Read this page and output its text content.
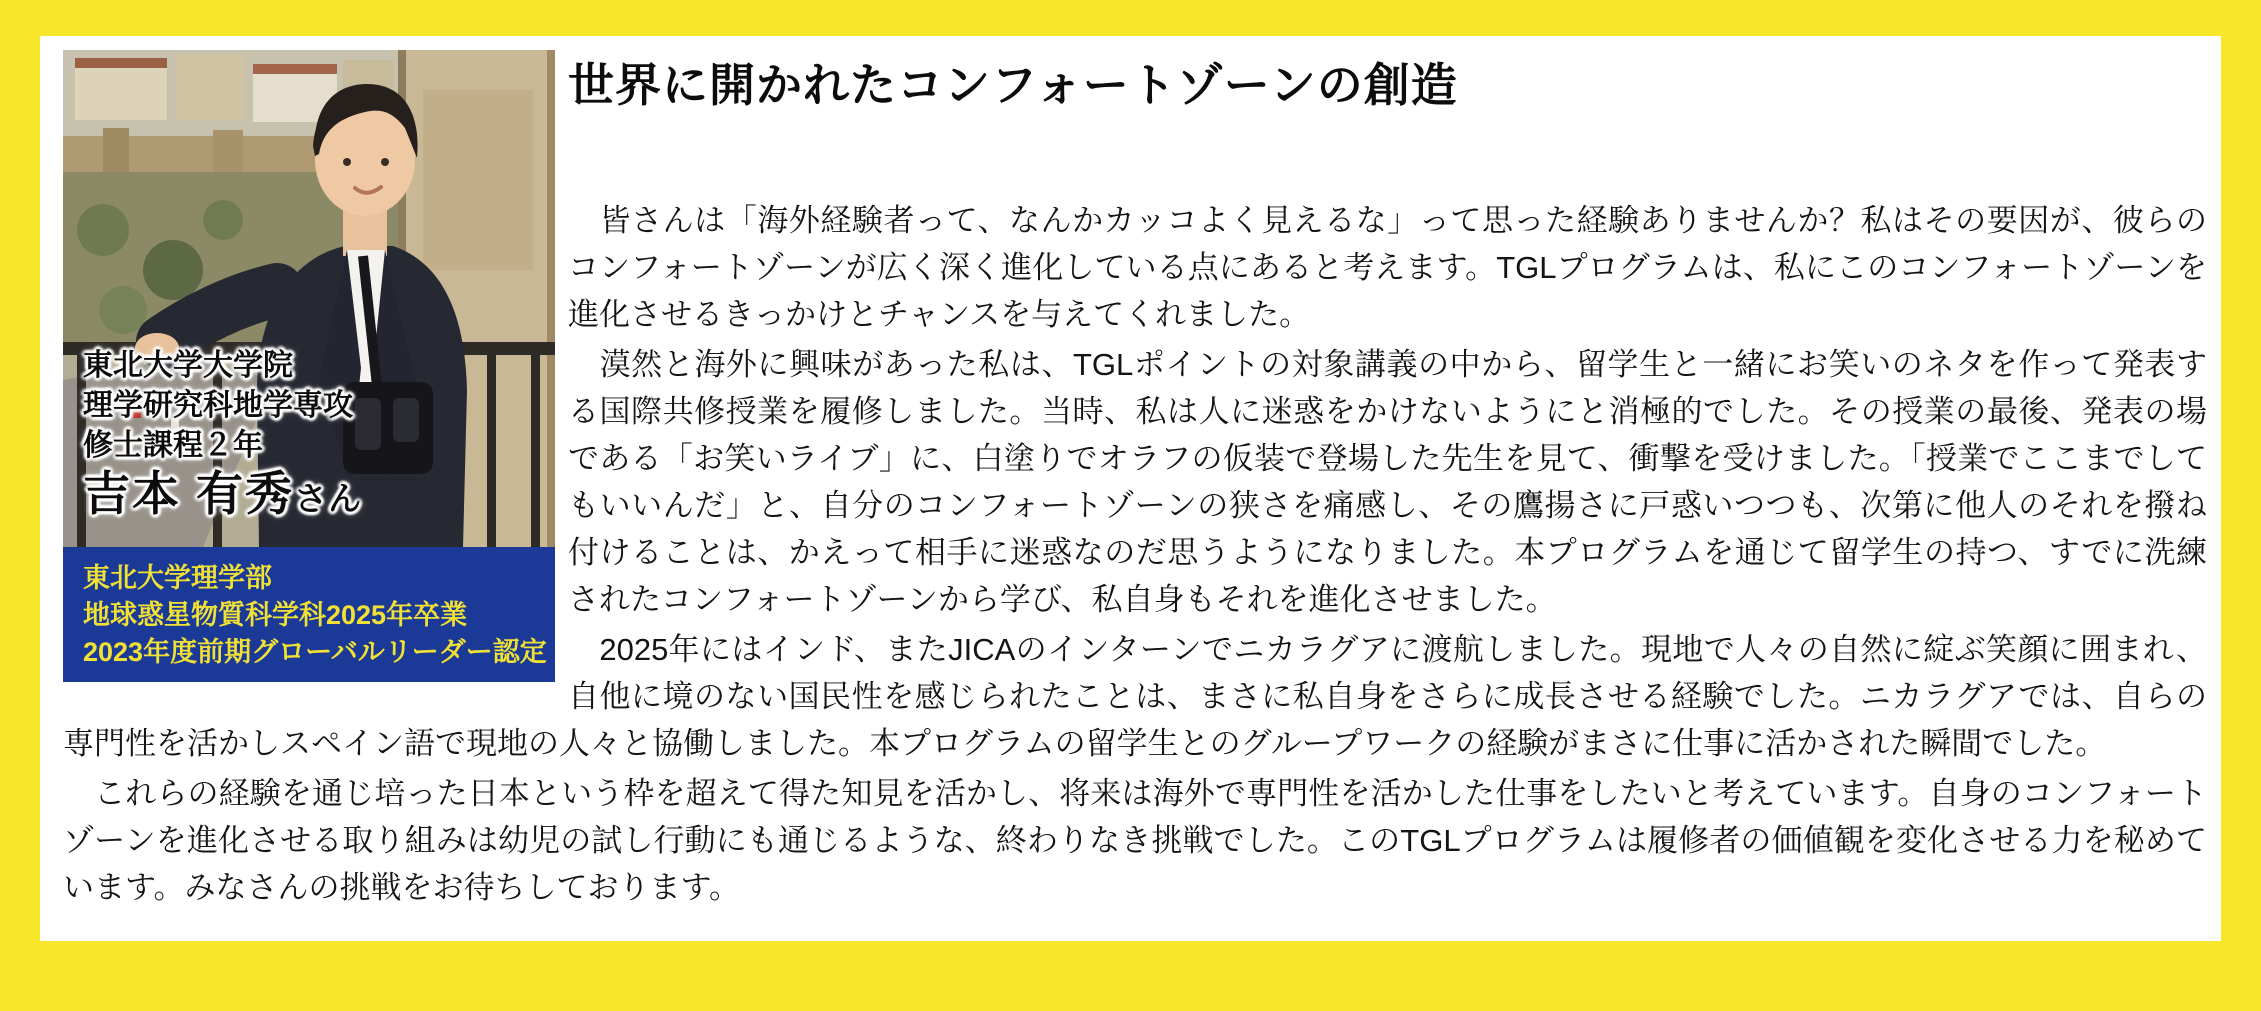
東北大学大学院
理学研究科地学専攻
修士課程２年
吉本 有秀さん
東北大学理学部
地球惑星物質科学科2025年卒業
2023年度前期グローバルリーダー認定
世界に開かれたコンフォートゾーンの創造

　皆さんは「海外経験者って、なんかカッコよく見えるな」って思った経験ありませんか？私はその要因が、彼らのコンフォートゾーンが広く深く進化している点にあると考えます。TGLプログラムは、私にこのコンフォートゾーンを進化させるきっかけとチャンスを与えてくれました。

　漠然と海外に興味があった私は、TGLポイントの対象講義の中から、留学生と一緒にお笑いのネタを作って発表する国際共修授業を履修しました。当時、私は人に迷惑をかけないようにと消極的でした。その授業の最後、発表の場である「お笑いライブ」に、白塗りでオラフの仮装で登場した先生を見て、衝撃を受けました。「授業でここまでしてもいいんだ」と、自分のコンフォートゾーンの狭さを痛感し、その鷹揚さに戸惑いつつも、次第に他人のそれを撥ね付けることは、かえって相手に迷惑なのだ思うようになりました。本プログラムを通じて留学生の持つ、すでに洗練されたコンフォートゾーンから学び、私自身もそれを進化させました。

　2025年にはインド、またJICAのインターンでニカラグアに渡航しました。現地で人々の自然に綻ぶ笑顔に囲まれ、自他に境のない国民性を感じられたことは、まさに私自身をさらに成長させる経験でした。ニカラグアでは、自らの専門性を活かしスペイン語で現地の人々と協働しました。本プログラムの留学生とのグループワークの経験がまさに仕事に活かされた瞬間でした。

　これらの経験を通じ培った日本という枠を超えて得た知見を活かし、将来は海外で専門性を活かした仕事をしたいと考えています。自身のコンフォートゾーンを進化させる取り組みは幼児の試し行動にも通じるような、終わりなき挑戦でした。このTGLプログラムは履修者の価値観を変化させる力を秘めています。みなさんの挑戦をお待ちしております。
